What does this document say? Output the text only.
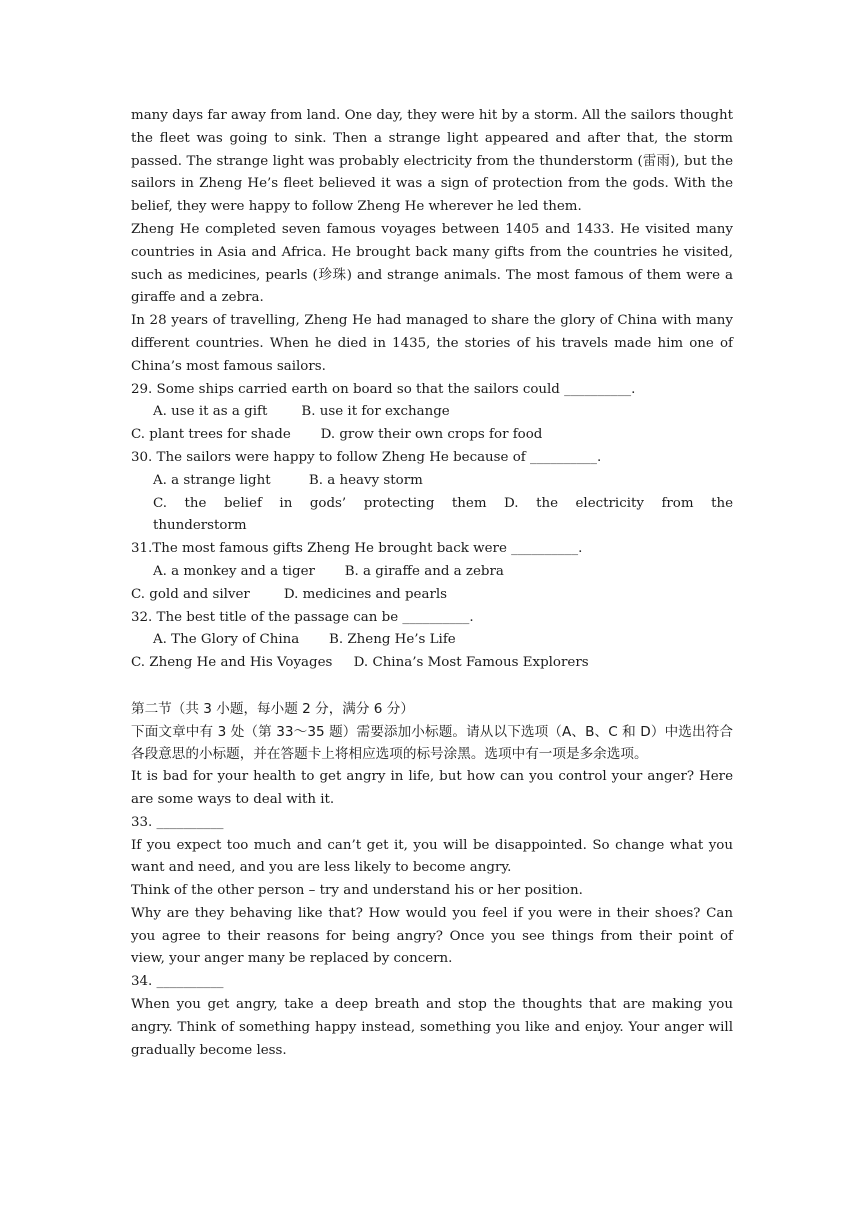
many days far away from land. One day, they were hit by a storm. All the sailors thought the fleet was going to sink. Then a strange light appeared and after that, the storm passed. The strange light was probably electricity from the thunderstorm (雷雨), but the sailors in Zheng He’s fleet believed it was a sign of protection from the gods. With the belief, they were happy to follow Zheng He wherever he led them.

Zheng He completed seven famous voyages between 1405 and 1433. He visited many countries in Asia and Africa. He brought back many gifts from the countries he visited, such as medicines, pearls (珍珠) and strange animals. The most famous of them were a giraffe and a zebra.

In 28 years of travelling, Zheng He had managed to share the glory of China with many different countries. When he died in 1435, the stories of his travels made him one of China’s most famous sailors.

29. Some ships carried earth on board so that the sailors could __________.

A. use it as a gift        B. use it for exchange

C. plant trees for shade       D. grow their own crops for food

30. The sailors were happy to follow Zheng He because of __________.

A. a strange light         B. a heavy storm

C. the belief in gods’ protecting them D. the electricity from the thunderstorm

31.The most famous gifts Zheng He brought back were __________.

A. a monkey and a tiger       B. a giraffe and a zebra

C. gold and silver        D. medicines and pearls

32. The best title of the passage can be __________.

A. The Glory of China       B. Zheng He’s Life

C. Zheng He and His Voyages     D. China’s Most Famous Explorers

第二节（共 3 小题，每小题 2 分，满分 6 分）

下面文章中有 3 处（第 33～35 题）需要添加小标题。请从以下选项（A、B、C 和 D）中选出符合各段意思的小标题，并在答题卡上将相应选项的标号涂黑。选项中有一项是多余选项。

It is bad for your health to get angry in life, but how can you control your anger? Here are some ways to deal with it.

33. __________

If you expect too much and can’t get it, you will be disappointed. So change what you want and need, and you are less likely to become angry.

Think of the other person – try and understand his or her position.

Why are they behaving like that? How would you feel if you were in their shoes? Can you agree to their reasons for being angry? Once you see things from their point of view, your anger many be replaced by concern.

34. __________

When you get angry, take a deep breath and stop the thoughts that are making you angry. Think of something happy instead, something you like and enjoy. Your anger will gradually become less.
